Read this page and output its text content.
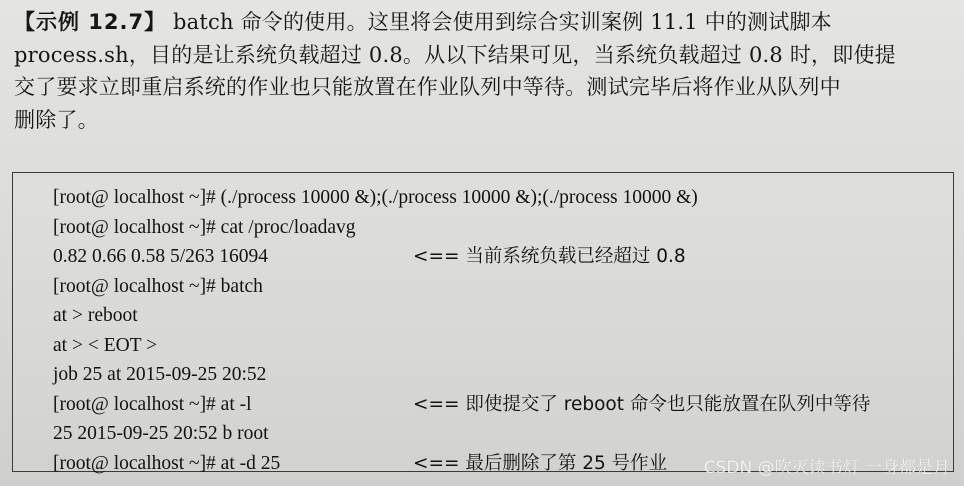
【示例 12.7】 batch 命令的使用。这里将会使用到综合实训案例 11.1 中的测试脚本
process.sh，目的是让系统负载超过 0.8。从以下结果可见，当系统负载超过 0.8 时，即使提
交了要求立即重启系统的作业也只能放置在作业队列中等待。测试完毕后将作业从队列中
删除了。
[root@ localhost ~]# (./process 10000 &);(./process 10000 &);(./process 10000 &)
[root@ localhost ~]# cat /proc/loadavg
0.82 0.66 0.58 5/263 16094	<== 当前系统负载已经超过 0.8
[root@ localhost ~]# batch
at > reboot
at > < EOT >
job 25 at 2015-09-25 20:52
[root@ localhost ~]# at -l	<== 即使提交了 reboot 命令也只能放置在队列中等待
25 2015-09-25 20:52 b root
[root@ localhost ~]# at -d 25	<== 最后删除了第 25 号作业 CSDN @吹灭读书灯 一身都是月
